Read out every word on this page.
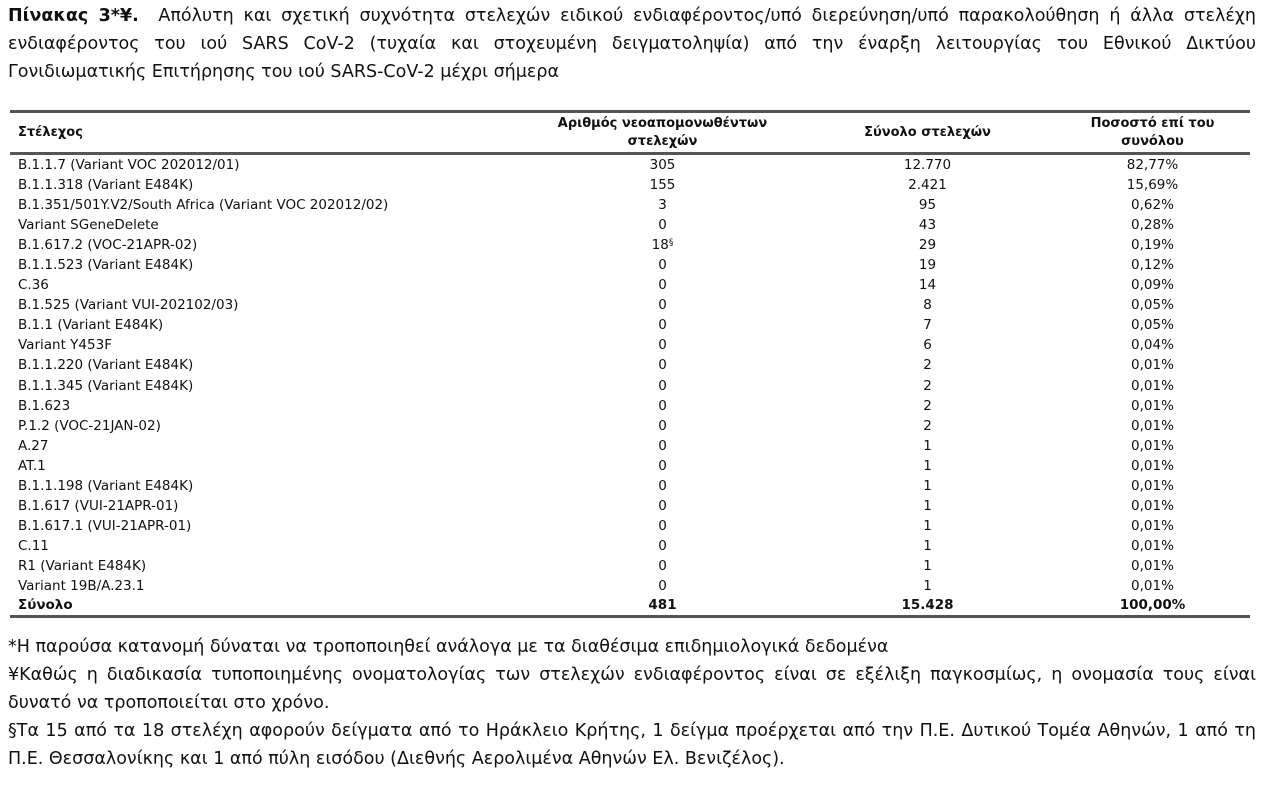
Πίνακας 3*¥. Απόλυτη και σχετική συχνότητα στελεχών ειδικού ενδιαφέροντος/υπό διερεύνηση/υπό παρακολούθηση ή άλλα στελέχη ενδιαφέροντος του ιού SARS CoV-2 (τυχαία και στοχευμένη δειγματοληψία) από την έναρξη λειτουργίας του Εθνικού Δικτύου Γονιδιωματικής Επιτήρησης του ιού SARS-CoV-2 μέχρι σήμερα
Στέλεχος	Αριθμός νεοαπομονωθέντων στελεχών	Σύνολο στελεχών	Ποσοστό επί του συνόλου
B.1.1.7 (Variant VOC 202012/01)	305	12.770	82,77%
B.1.1.318 (Variant E484K)	155	2.421	15,69%
B.1.351/501Y.V2/South Africa (Variant VOC 202012/02)	3	95	0,62%
Variant SGeneDelete	0	43	0,28%
B.1.617.2 (VOC-21APR-02)	18§	29	0,19%
B.1.1.523 (Variant E484K)	0	19	0,12%
C.36	0	14	0,09%
B.1.525 (Variant VUI-202102/03)	0	8	0,05%
B.1.1 (Variant E484K)	0	7	0,05%
Variant Y453F	0	6	0,04%
B.1.1.220 (Variant E484K)	0	2	0,01%
B.1.1.345 (Variant E484K)	0	2	0,01%
B.1.623	0	2	0,01%
P.1.2 (VOC-21JAN-02)	0	2	0,01%
A.27	0	1	0,01%
AT.1	0	1	0,01%
B.1.1.198 (Variant E484K)	0	1	0,01%
B.1.617 (VUI-21APR-01)	0	1	0,01%
B.1.617.1 (VUI-21APR-01)	0	1	0,01%
C.11	0	1	0,01%
R1 (Variant E484K)	0	1	0,01%
Variant 19B/A.23.1	0	1	0,01%
Σύνολο	481	15.428	100,00%

*Η παρούσα κατανομή δύναται να τροποποιηθεί ανάλογα με τα διαθέσιμα επιδημιολογικά δεδομένα

¥Καθώς η διαδικασία τυποποιημένης ονοματολογίας των στελεχών ενδιαφέροντος είναι σε εξέλιξη παγκοσμίως, η ονομασία τους είναι δυνατό να τροποποιείται στο χρόνο.

§Τα 15 από τα 18 στελέχη αφορούν δείγματα από το Ηράκλειο Κρήτης, 1 δείγμα προέρχεται από την Π.Ε. Δυτικού Τομέα Αθηνών, 1 από τη Π.Ε. Θεσσαλονίκης και 1 από πύλη εισόδου (Διεθνής Αερολιμένα Αθηνών Ελ. Βενιζέλος).
